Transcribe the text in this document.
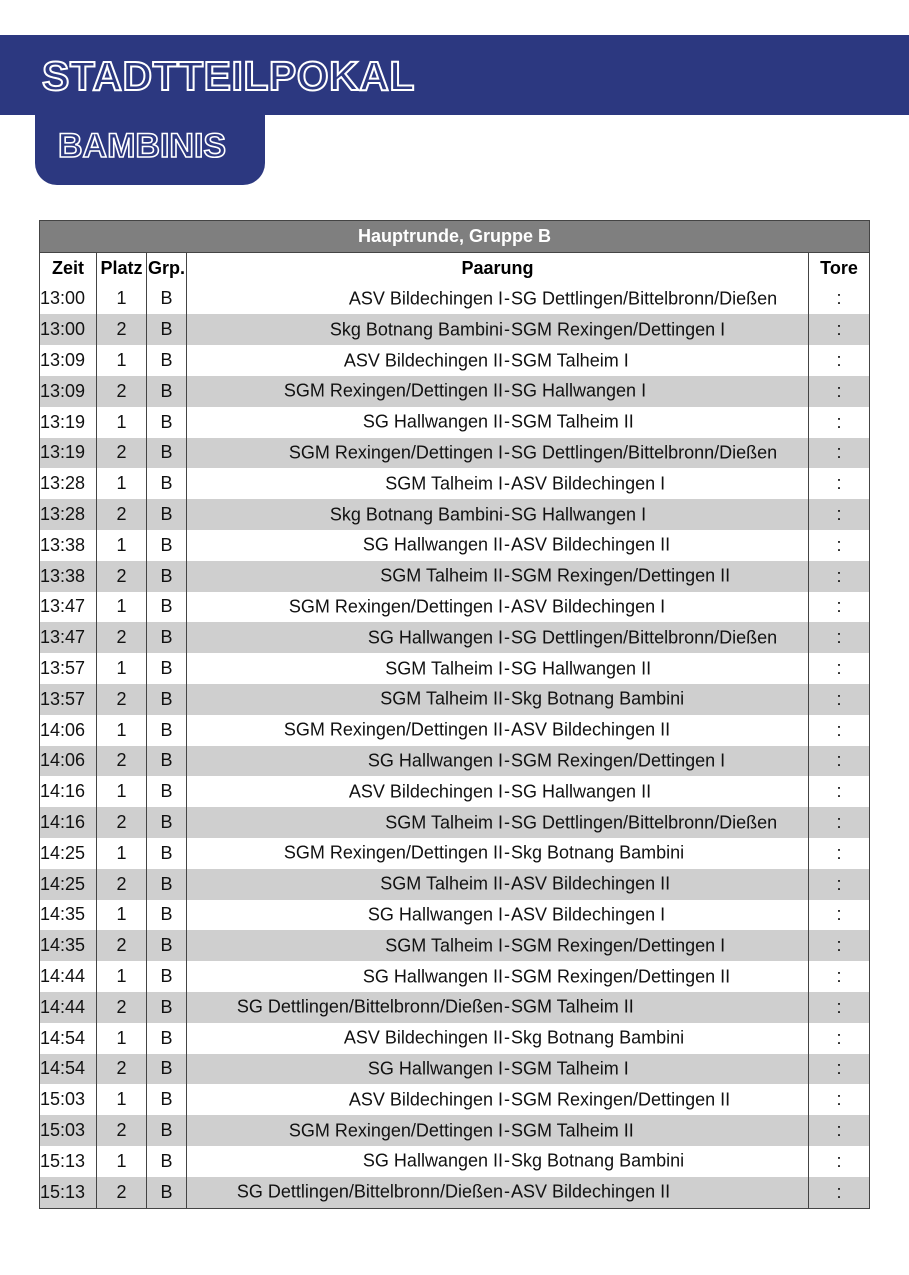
STADTTEILPOKAL
BAMBINIS
Hauptrunde, Gruppe B				
Zeit	Platz	Grp.	Paarung	Tore
13:00	1	B	ASV Bildechingen I SG Dettlingen/Bittelbronn/Dießen	:
13:00	2	B	Skg Botnang Bambini SGM Rexingen/Dettingen I	:
13:09	1	B	ASV Bildechingen II SGM Talheim I	:
13:09	2	B	SGM Rexingen/Dettingen II SG Hallwangen I	:
13:19	1	B	SG Hallwangen II SGM Talheim II	:
13:19	2	B	SGM Rexingen/Dettingen I SG Dettlingen/Bittelbronn/Dießen	:
13:28	1	B	SGM Talheim I ASV Bildechingen I	:
13:28	2	B	Skg Botnang Bambini SG Hallwangen I	:
13:38	1	B	SG Hallwangen II ASV Bildechingen II	:
13:38	2	B	SGM Talheim II SGM Rexingen/Dettingen II	:
13:47	1	B	SGM Rexingen/Dettingen I ASV Bildechingen I	:
13:47	2	B	SG Hallwangen I SG Dettlingen/Bittelbronn/Dießen	:
13:57	1	B	SGM Talheim I SG Hallwangen II	:
13:57	2	B	SGM Talheim II Skg Botnang Bambini	:
14:06	1	B	SGM Rexingen/Dettingen II ASV Bildechingen II	:
14:06	2	B	SG Hallwangen I SGM Rexingen/Dettingen I	:
14:16	1	B	ASV Bildechingen I SG Hallwangen II	:
14:16	2	B	SGM Talheim I SG Dettlingen/Bittelbronn/Dießen	:
14:25	1	B	SGM Rexingen/Dettingen II Skg Botnang Bambini	:
14:25	2	B	SGM Talheim II ASV Bildechingen II	:
14:35	1	B	SG Hallwangen I ASV Bildechingen I	:
14:35	2	B	SGM Talheim I SGM Rexingen/Dettingen I	:
14:44	1	B	SG Hallwangen II SGM Rexingen/Dettingen II	:
14:44	2	B	SG Dettlingen/Bittelbronn/Dießen SGM Talheim II	:
14:54	1	B	ASV Bildechingen II Skg Botnang Bambini	:
14:54	2	B	SG Hallwangen I SGM Talheim I	:
15:03	1	B	ASV Bildechingen I SGM Rexingen/Dettingen II	:
15:03	2	B	SGM Rexingen/Dettingen I SGM Talheim II	:
15:13	1	B	SG Hallwangen II Skg Botnang Bambini	:
15:13	2	B	SG Dettlingen/Bittelbronn/Dießen ASV Bildechingen II	:
